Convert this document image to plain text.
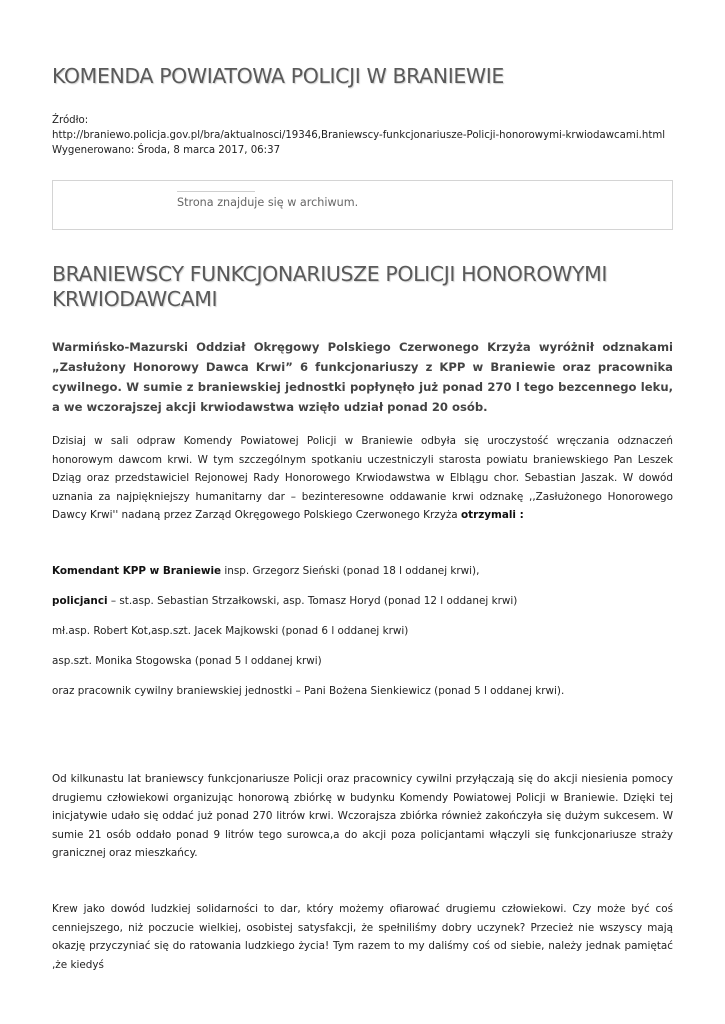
KOMENDA POWIATOWA POLICJI W BRANIEWIE
Źródło:
http://braniewo.policja.gov.pl/bra/aktualnosci/19346,Braniewscy-funkcjonariusze-Policji-honorowymi-krwiodawcami.html
Wygenerowano: Środa, 8 marca 2017, 06:37
Strona znajduje się w archiwum.
BRANIEWSCY FUNKCJONARIUSZE POLICJI HONOROWYMI KRWIODAWCAMI

Warmińsko-Mazurski Oddział Okręgowy Polskiego Czerwonego Krzyża wyróżnił odznakami „Zasłużony Honorowy Dawca Krwi” 6 funkcjonariuszy z KPP w Braniewie oraz pracownika cywilnego. W sumie z braniewskiej jednostki popłynęło już ponad 270 l tego bezcennego leku, a we wczorajszej akcji krwiodawstwa wzięło udział ponad 20 osób.

Dzisiaj w sali odpraw Komendy Powiatowej Policji w Braniewie odbyła się uroczystość wręczania odznaczeń honorowym dawcom krwi. W tym szczególnym spotkaniu uczestniczyli starosta powiatu braniewskiego Pan Leszek Dziąg oraz przedstawiciel Rejonowej Rady Honorowego Krwiodawstwa w Elblągu chor. Sebastian Jaszak. W dowód uznania za najpiękniejszy humanitarny dar – bezinteresowne oddawanie krwi odznakę ,,Zasłużonego Honorowego Dawcy Krwi'' nadaną przez Zarząd Okręgowego Polskiego Czerwonego Krzyża otrzymali :

Komendant KPP w Braniewie insp. Grzegorz Sieński (ponad 18 l oddanej krwi),

policjanci – st.asp. Sebastian Strzałkowski, asp. Tomasz Horyd (ponad 12 l oddanej krwi)

mł.asp. Robert Kot,asp.szt. Jacek Majkowski (ponad 6 l oddanej krwi)

asp.szt. Monika Stogowska (ponad 5 l oddanej krwi)

oraz pracownik cywilny braniewskiej jednostki – Pani Bożena Sienkiewicz (ponad 5 l oddanej krwi).

Od kilkunastu lat braniewscy funkcjonariusze Policji oraz pracownicy cywilni przyłączają się do akcji niesienia pomocy drugiemu człowiekowi organizując honorową zbiórkę w budynku Komendy Powiatowej Policji w Braniewie. Dzięki tej inicjatywie udało się oddać już ponad 270 litrów krwi. Wczorajsza zbiórka również zakończyła się dużym sukcesem. W sumie 21 osób oddało ponad 9 litrów tego surowca,a do akcji poza policjantami włączyli się funkcjonariusze straży granicznej oraz mieszkańcy.

Krew jako dowód ludzkiej solidarności to dar, który możemy ofiarować drugiemu człowiekowi. Czy może być coś cenniejszego, niż poczucie wielkiej, osobistej satysfakcji, że spełniliśmy dobry uczynek? Przecież nie wszyscy mają okazję przyczyniać się do ratowania ludzkiego życia! Tym razem to my daliśmy coś od siebie, należy jednak pamiętać ,że kiedyś
